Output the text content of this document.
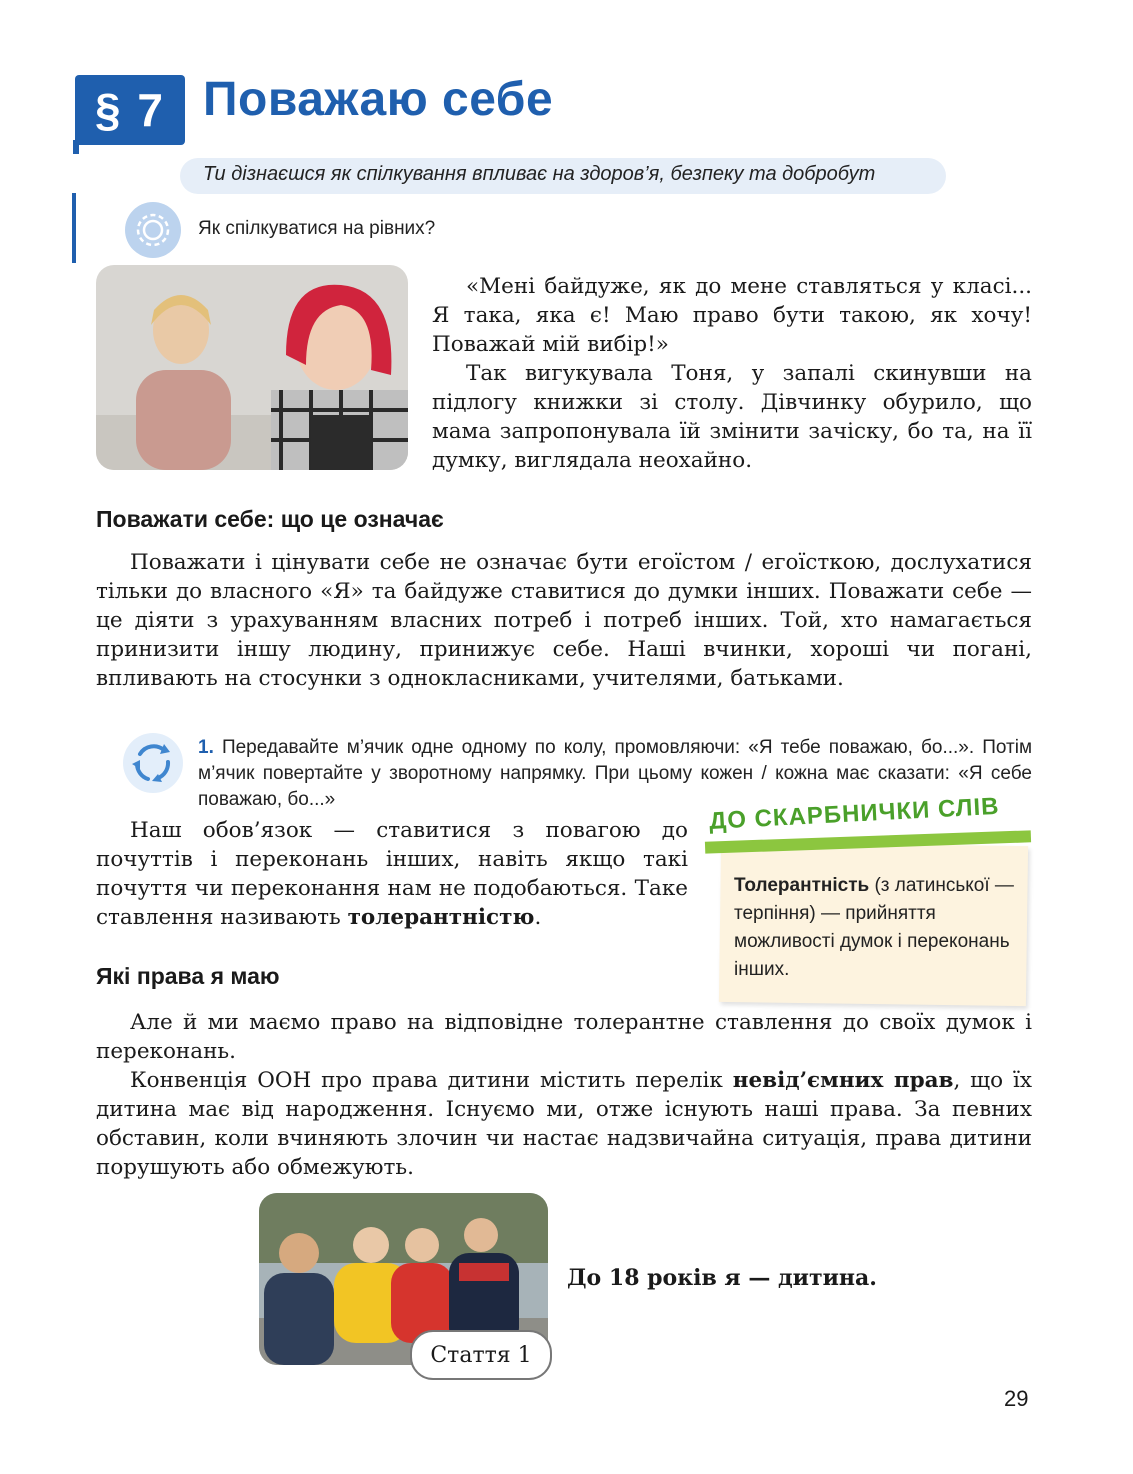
§ 7 Поважаю себе
Ти дізнаєшся як спілкування впливає на здоров’я, безпеку та добробут
Як спілкуватися на рівних?

«Мені байдуже, як до мене ставляться у класі... Я така, яка є! Маю право бути такою, як хочу! Поважай мій вибір!»

Так вигукувала Тоня, у запалі скинувши на підлогу книжки зі столу. Дівчинку обурило, що мама запропонувала їй змінити зачіску, бо та, на її думку, виглядала неохайно.

Поважати себе: що це означає

Поважати і цінувати себе не означає бути егоїстом / егоїсткою, дослухатися тільки до власного «Я» та байдуже ставитися до думки інших. Поважати себе — це діяти з урахуванням власних потреб і потреб інших. Той, хто намагається принизити іншу людину, принижує себе. Наші вчинки, хороші чи погані, впливають на стосунки з однокласниками, учителями, батьками.

1. Передавайте м’ячик одне одному по колу, промовляючи: «Я тебе поважаю, бо...». Потім м’ячик повертайте у зворотному напрямку. При цьому кожен / кожна має сказати: «Я себе поважаю, бо...»

Наш обов’язок — ставитися з повагою до почуттів і переконань інших, навіть якщо такі почуття чи переконання нам не подобаються. Таке ставлення називають толерантністю.

ДО СКАРБНИЧКИ СЛІВ
Толерантність (з латинської — терпіння) — прийняття можливості думок і переконань інших.
Які права я маю

Але й ми маємо право на відповідне толерантне ставлення до своїх думок і переконань.

Конвенція ООН про права дитини містить перелік невід’ємних прав, що їх дитина має від народження. Існуємо ми, отже існують наші права. За певних обставин, коли вчиняють злочин чи настає надзвичайна ситуація, права дитини порушують або обмежують.

Стаття 1
До 18 років я — дитина.
29
